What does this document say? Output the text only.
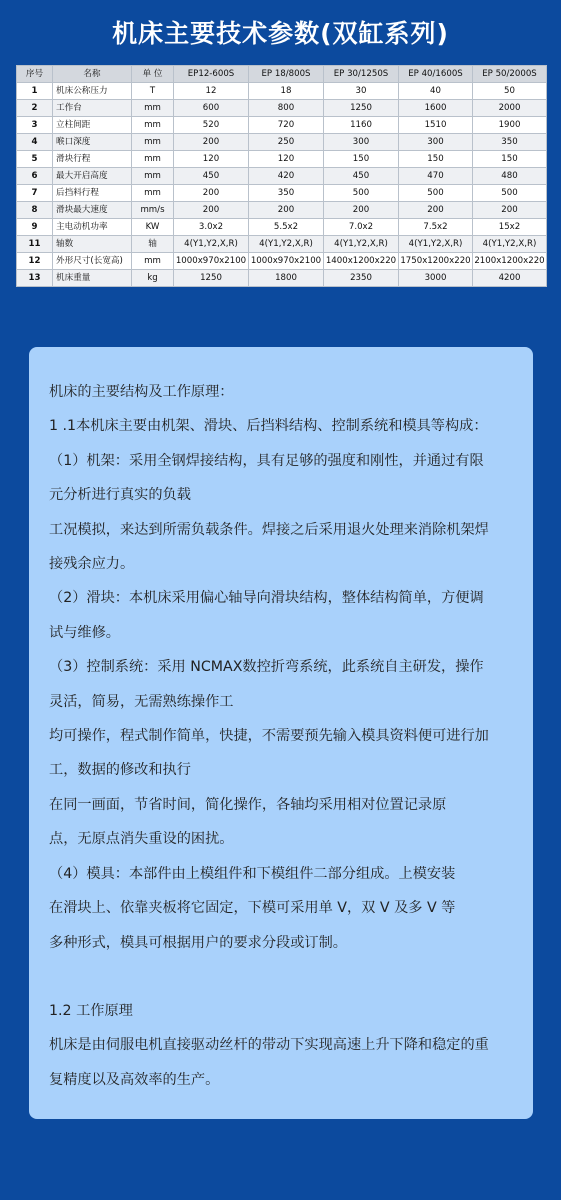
机床主要技术参数(双缸系列)
序号	名称	单 位	EP12-600S	EP 18/800S	EP 30/1250S	EP 40/1600S	EP 50/2000S
1	机床公称压力	T	12	18	30	40	50
2	工作台	mm	600	800	1250	1600	2000
3	立柱间距	mm	520	720	1160	1510	1900
4	喉口深度	mm	200	250	300	300	350
5	滑块行程	mm	120	120	150	150	150
6	最大开启高度	mm	450	420	450	470	480
7	后挡料行程	mm	200	350	500	500	500
8	滑块最大速度	mm/s	200	200	200	200	200
9	主电动机功率	KW	3.0x2	5.5x2	7.0x2	7.5x2	15x2
11	轴数	轴	4(Y1,Y2,X,R)	4(Y1,Y2,X,R)	4(Y1,Y2,X,R)	4(Y1,Y2,X,R)	4(Y1,Y2,X,R)
12	外形尺寸(长宽高)	mm	1000x970x2100	1000x970x2100	1400x1200x220	1750x1200x220	2100x1200x220
13	机床重量	kg	1250	1800	2350	3000	4200

机床的主要结构及工作原理：

1 .1本机床主要由机架、滑块、后挡料结构、控制系统和模具等构成：

（1）机架：采用全钢焊接结构，具有足够的强度和刚性，并通过有限

元分析进行真实的负载

工况模拟，来达到所需负载条件。焊接之后采用退火处理来消除机架焊

接残余应力。

（2）滑块：本机床采用偏心轴导向滑块结构，整体结构简单，方便调

试与维修。

（3）控制系统：采用 NCMAX数控折弯系统，此系统自主研发，操作

灵活，简易，无需熟练操作工

均可操作，程式制作简单，快捷，不需要预先输入模具资料便可进行加

工，数据的修改和执行

在同一画面，节省时间，简化操作，各轴均采用相对位置记录原

点，无原点消失重设的困扰。

（4）模具：本部件由上模组件和下模组件二部分组成。上模安装

在滑块上、依靠夹板将它固定，下模可采用单 V，双 V 及多 V 等

多种形式，模具可根据用户的要求分段或订制。

1.2 工作原理

机床是由伺服电机直接驱动丝杆的带动下实现高速上升下降和稳定的重

复精度以及高效率的生产。
